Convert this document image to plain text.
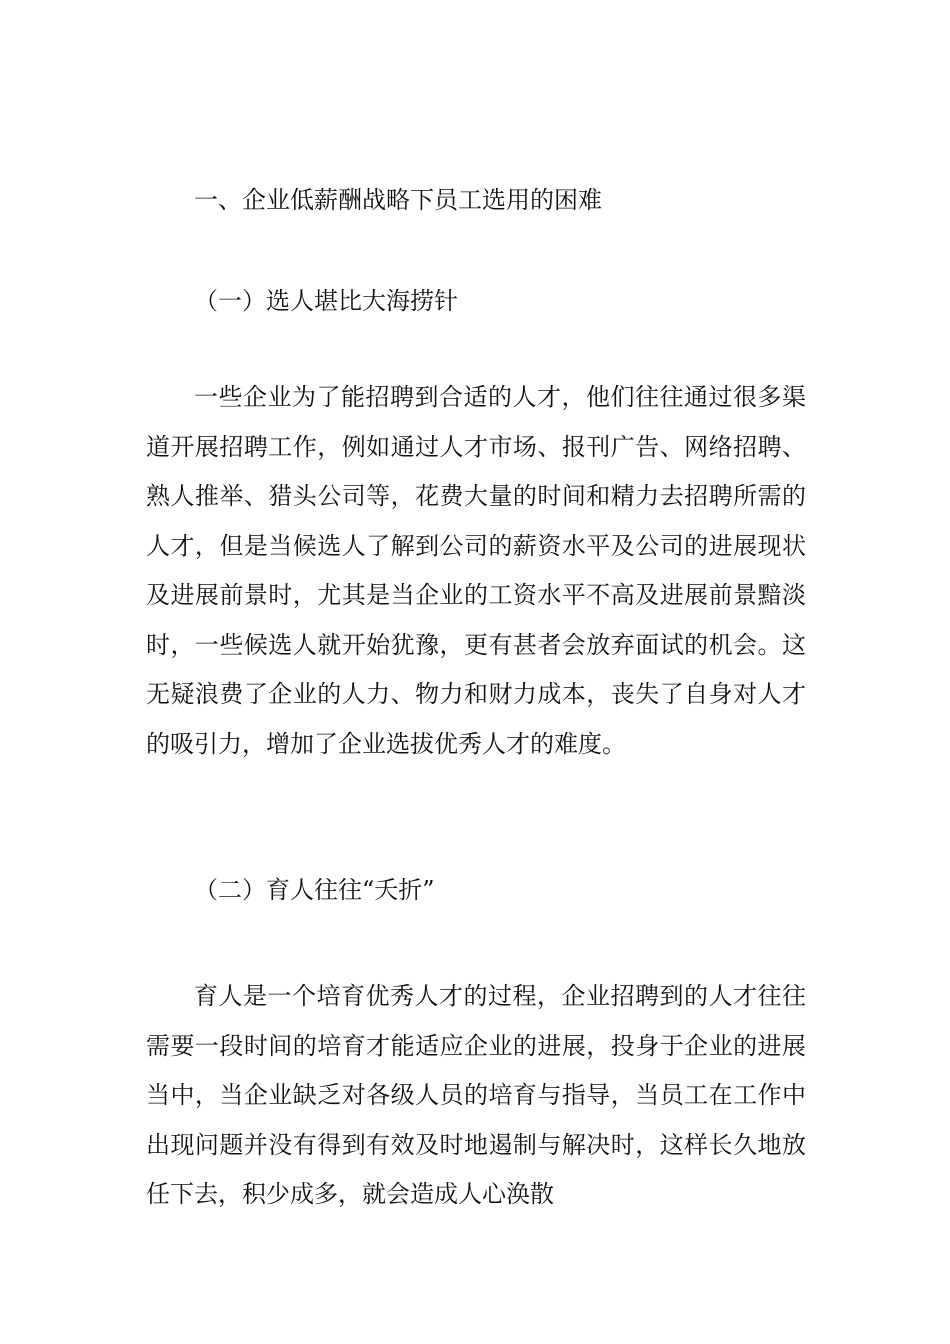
一、企业低薪酬战略下员工选用的困难
（一）选人堪比大海捞针

一些企业为了能招聘到合适的人才，他们往往通过很多渠道开展招聘工作，例如通过人才市场、报刊广告、网络招聘、熟人推举、猎头公司等，花费大量的时间和精力去招聘所需的人才，但是当候选人了解到公司的薪资水平及公司的进展现状及进展前景时，尤其是当企业的工资水平不高及进展前景黯淡时，一些候选人就开始犹豫，更有甚者会放弃面试的机会。这无疑浪费了企业的人力、物力和财力成本，丧失了自身对人才的吸引力，增加了企业选拔优秀人才的难度。

（二）育人往往“夭折”

育人是一个培育优秀人才的过程，企业招聘到的人才往往需要一段时间的培育才能适应企业的进展，投身于企业的进展当中，当企业缺乏对各级人员的培育与指导，当员工在工作中出现问题并没有得到有效及时地遏制与解决时，这样长久地放任下去，积少成多，就会造成人心涣散
